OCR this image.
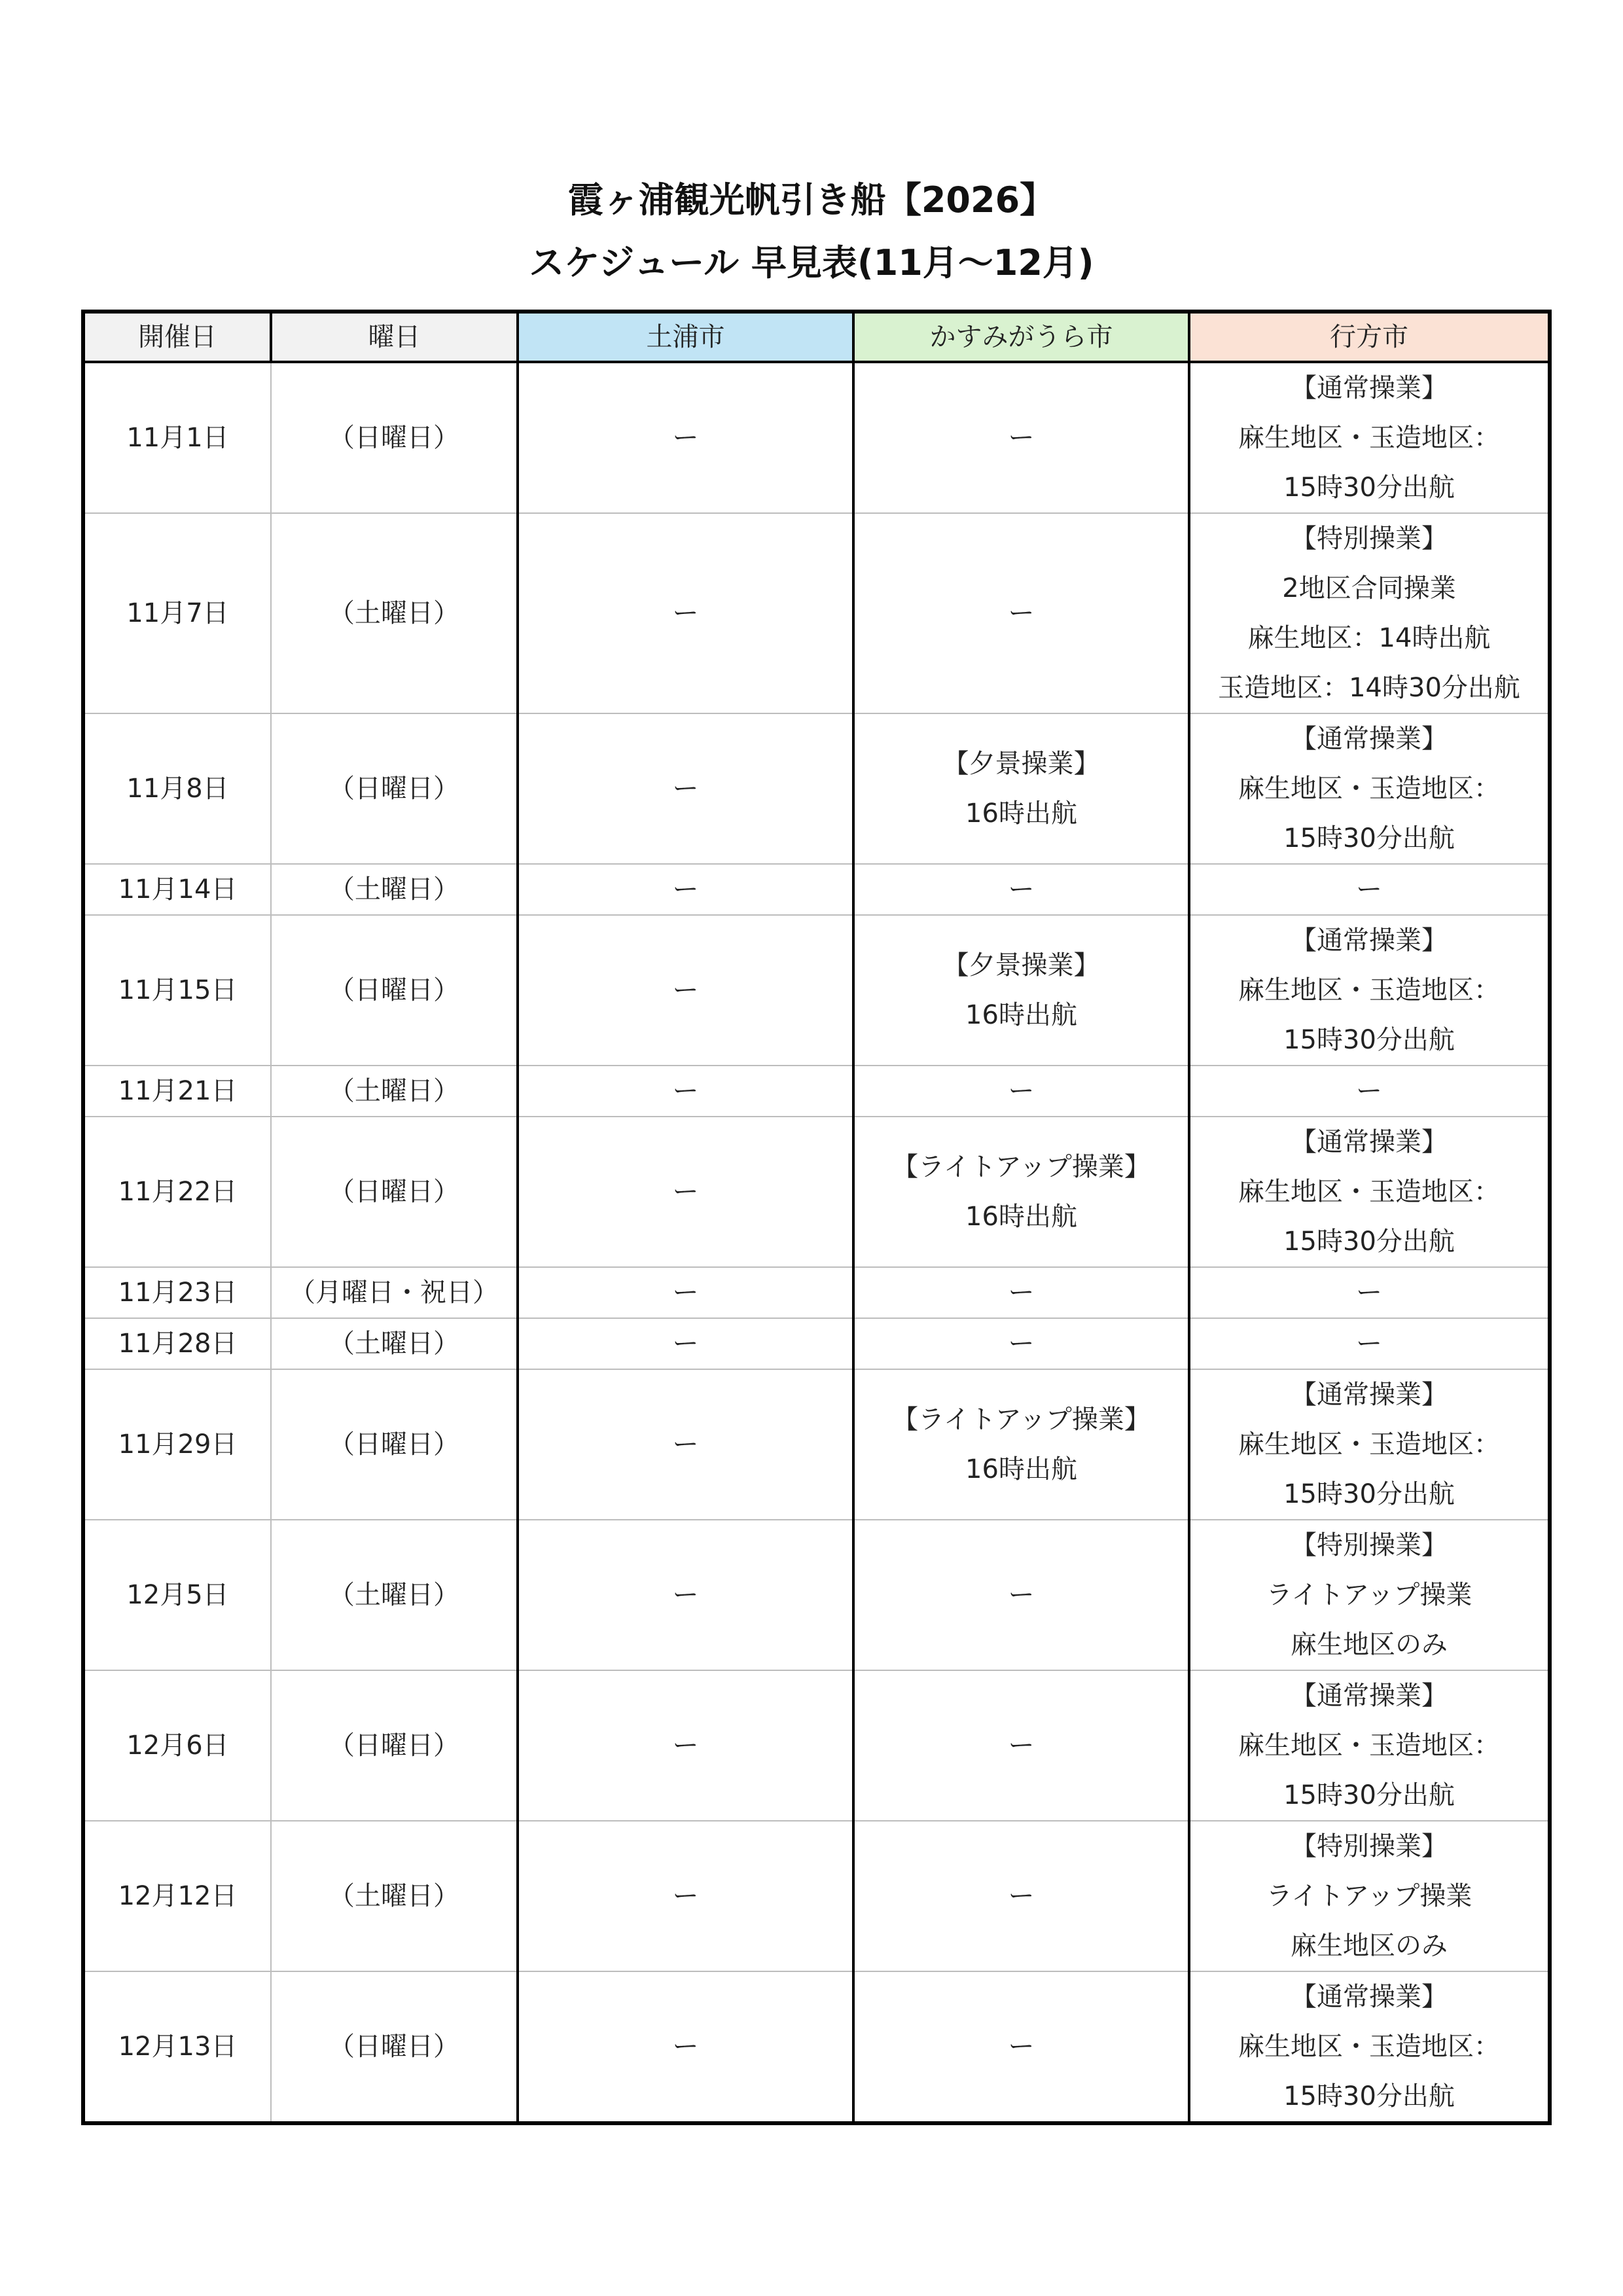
霞ヶ浦観光帆引き船【2026】

スケジュール 早見表(11月～12月)

開催日	曜日	土浦市	かすみがうら市	行方市
11月1日	（日曜日）	ー	ー	【通常操業】
麻生地区・玉造地区：
15時30分出航

11月7日	（土曜日）	ー	ー	【特別操業】
2地区合同操業
麻生地区：14時出航
玉造地区：14時30分出航

11月8日	（日曜日）	ー	【夕景操業】
16時出航	【通常操業】
麻生地区・玉造地区：
15時30分出航

11月14日	（土曜日）	ー	ー	ー

11月15日	（日曜日）	ー	【夕景操業】
16時出航	【通常操業】
麻生地区・玉造地区：
15時30分出航

11月21日	（土曜日）	ー	ー	ー

11月22日	（日曜日）	ー	【ライトアップ操業】
16時出航	【通常操業】
麻生地区・玉造地区：
15時30分出航

11月23日	（月曜日・祝日）	ー	ー	ー

11月28日	（土曜日）	ー	ー	ー

11月29日	（日曜日）	ー	【ライトアップ操業】
16時出航	【通常操業】
麻生地区・玉造地区：
15時30分出航

12月5日	（土曜日）	ー	ー	【特別操業】
ライトアップ操業
麻生地区のみ

12月6日	（日曜日）	ー	ー	【通常操業】
麻生地区・玉造地区：
15時30分出航

12月12日	（土曜日）	ー	ー	【特別操業】
ライトアップ操業
麻生地区のみ

12月13日	（日曜日）	ー	ー	【通常操業】
麻生地区・玉造地区：
15時30分出航
